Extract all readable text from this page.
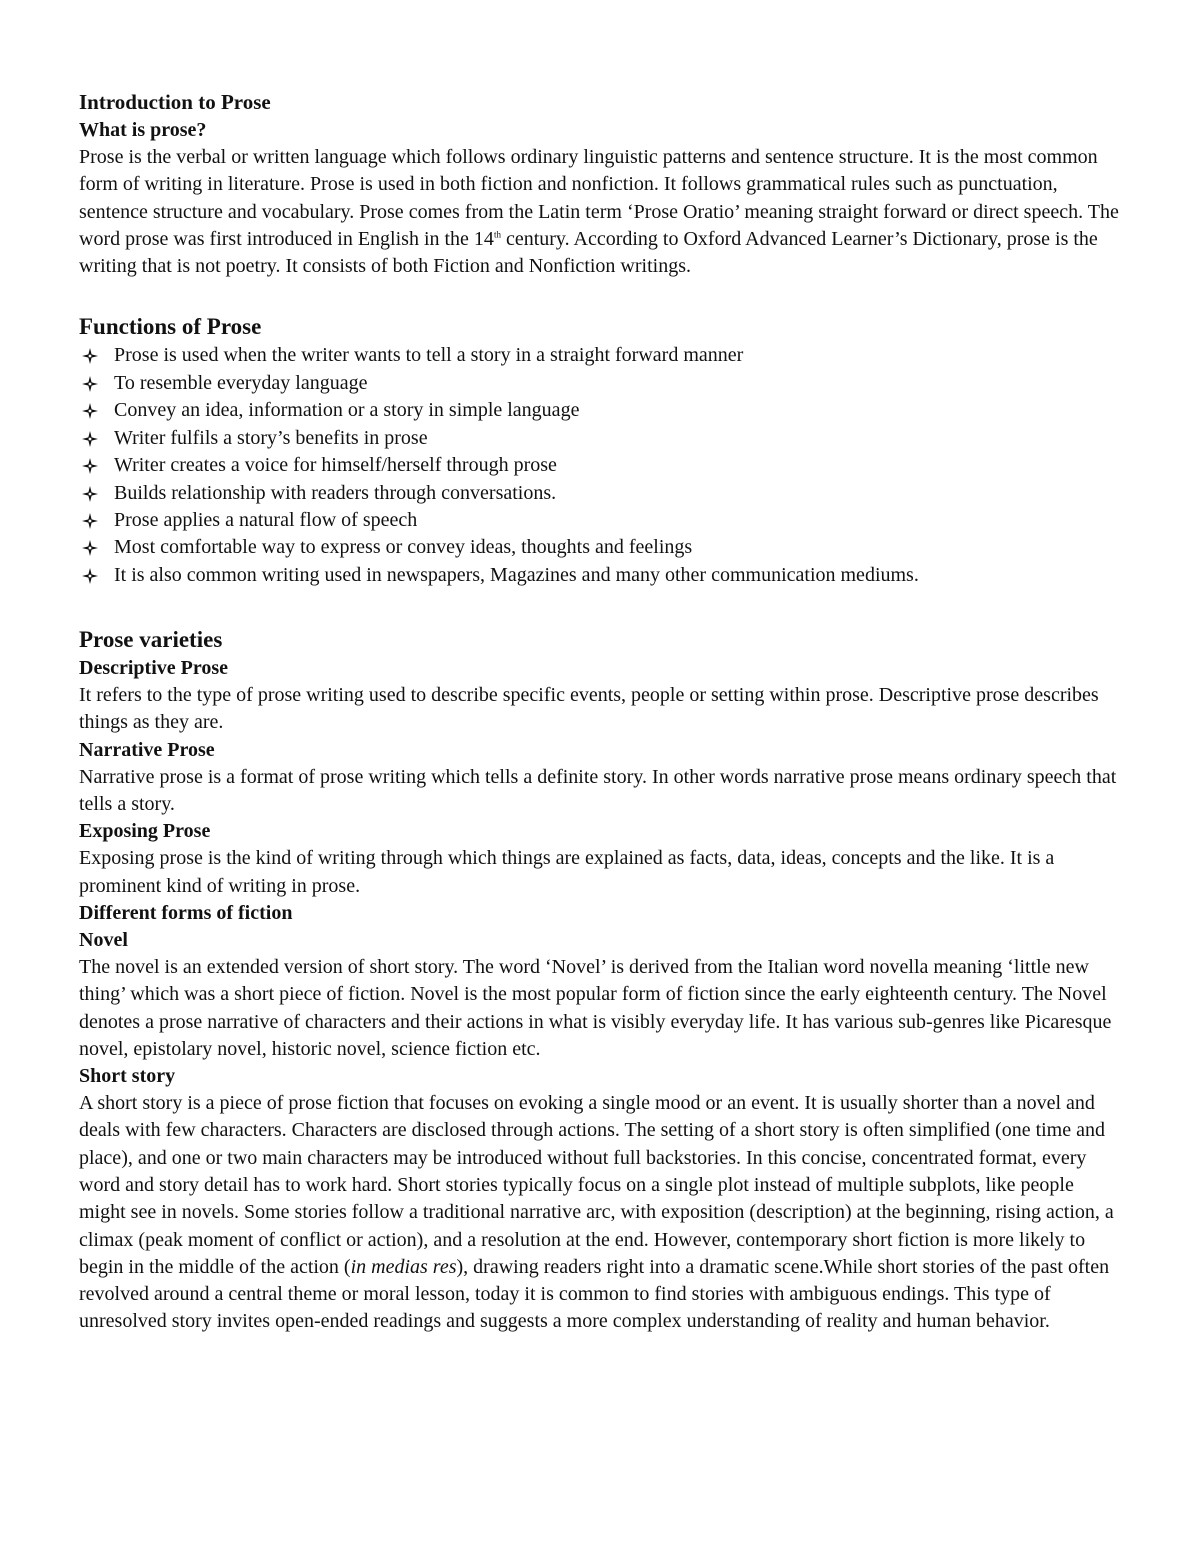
Introduction to Prose
What is prose?

Prose is the verbal or written language which follows ordinary linguistic patterns and sentence structure. It is the most common form of writing in literature. Prose is used in both fiction and nonfiction. It follows grammatical rules such as punctuation, sentence structure and vocabulary. Prose comes from the Latin term ‘Prose Oratio’ meaning straight forward or direct speech. The word prose was first introduced in English in the 14th century. According to Oxford Advanced Learner’s Dictionary, prose is the writing that is not poetry. It consists of both Fiction and Nonfiction writings.

Functions of Prose
Prose is used when the writer wants to tell a story in a straight forward manner
To resemble everyday language
Convey an idea, information or a story in simple language
Writer fulfils a story’s benefits in prose
Writer creates a voice for himself/herself through prose
Builds relationship with readers through conversations.
Prose applies a natural flow of speech
Most comfortable way to express or convey ideas, thoughts and feelings
It is also common writing used in newspapers, Magazines and many other communication mediums.
Prose varieties
Descriptive Prose

It refers to the type of prose writing used to describe specific events, people or setting within prose. Descriptive prose describes things as they are.

Narrative Prose

Narrative prose is a format of prose writing which tells a definite story. In other words narrative prose means ordinary speech that tells a story.

Exposing Prose

Exposing prose is the kind of writing through which things are explained as facts, data, ideas, concepts and the like. It is a prominent kind of writing in prose.

Different forms of fiction
Novel

The novel is an extended version of short story. The word ‘Novel’ is derived from the Italian word novella meaning ‘little new thing’ which was a short piece of fiction. Novel is the most popular form of fiction since the early eighteenth century. The Novel denotes a prose narrative of characters and their actions in what is visibly everyday life. It has various sub-genres like Picaresque novel, epistolary novel, historic novel, science fiction etc.

Short story

A short story is a piece of prose fiction that focuses on evoking a single mood or an event. It is usually shorter than a novel and deals with few characters. Characters are disclosed through actions. The setting of a short story is often simplified (one time and place), and one or two main characters may be introduced without full backstories. In this concise, concentrated format, every word and story detail has to work hard. Short stories typically focus on a single plot instead of multiple subplots, like people might see in novels. Some stories follow a traditional narrative arc, with exposition (description) at the beginning, rising action, a climax (peak moment of conflict or action), and a resolution at the end. However, contemporary short fiction is more likely to begin in the middle of the action (in medias res), drawing readers right into a dramatic scene.While short stories of the past often revolved around a central theme or moral lesson, today it is common to find stories with ambiguous endings. This type of unresolved story invites open-ended readings and suggests a more complex understanding of reality and human behavior.
